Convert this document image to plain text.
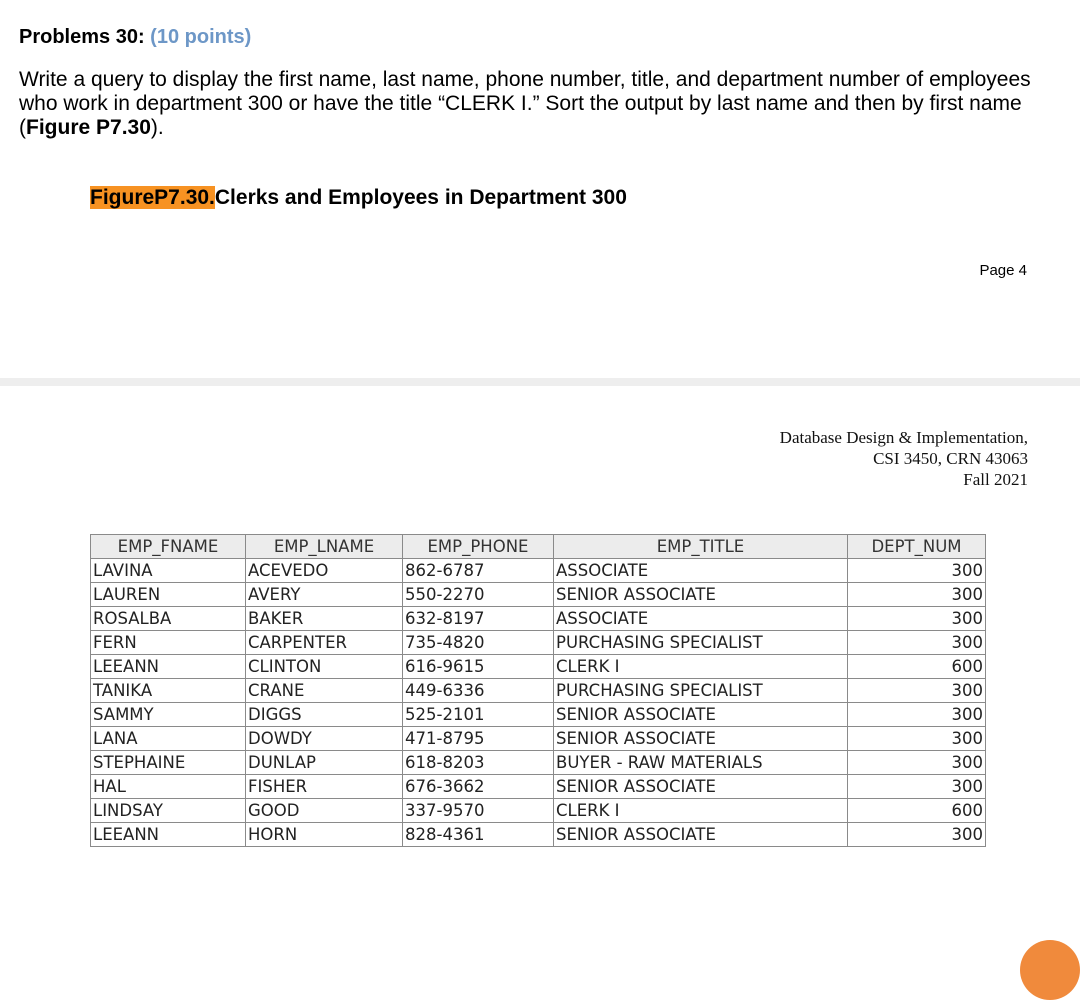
Problems 30: (10 points)
Write a query to display the first name, last name, phone number, title, and department number of employees who work in department 300 or have the title “CLERK I.” Sort the output by last name and then by first name (Figure P7.30).
FigureP7.30.Clerks and Employees in Department 300
Page 4
Database Design & Implementation,
CSI 3450, CRN 43063
Fall 2021
EMP_FNAME	EMP_LNAME	EMP_PHONE	EMP_TITLE	DEPT_NUM
LAVINA	ACEVEDO	862-6787	ASSOCIATE	300
LAUREN	AVERY	550-2270	SENIOR ASSOCIATE	300
ROSALBA	BAKER	632-8197	ASSOCIATE	300
FERN	CARPENTER	735-4820	PURCHASING SPECIALIST	300
LEEANN	CLINTON	616-9615	CLERK I	600
TANIKA	CRANE	449-6336	PURCHASING SPECIALIST	300
SAMMY	DIGGS	525-2101	SENIOR ASSOCIATE	300
LANA	DOWDY	471-8795	SENIOR ASSOCIATE	300
STEPHAINE	DUNLAP	618-8203	BUYER - RAW MATERIALS	300
HAL	FISHER	676-3662	SENIOR ASSOCIATE	300
LINDSAY	GOOD	337-9570	CLERK I	600
LEEANN	HORN	828-4361	SENIOR ASSOCIATE	300
